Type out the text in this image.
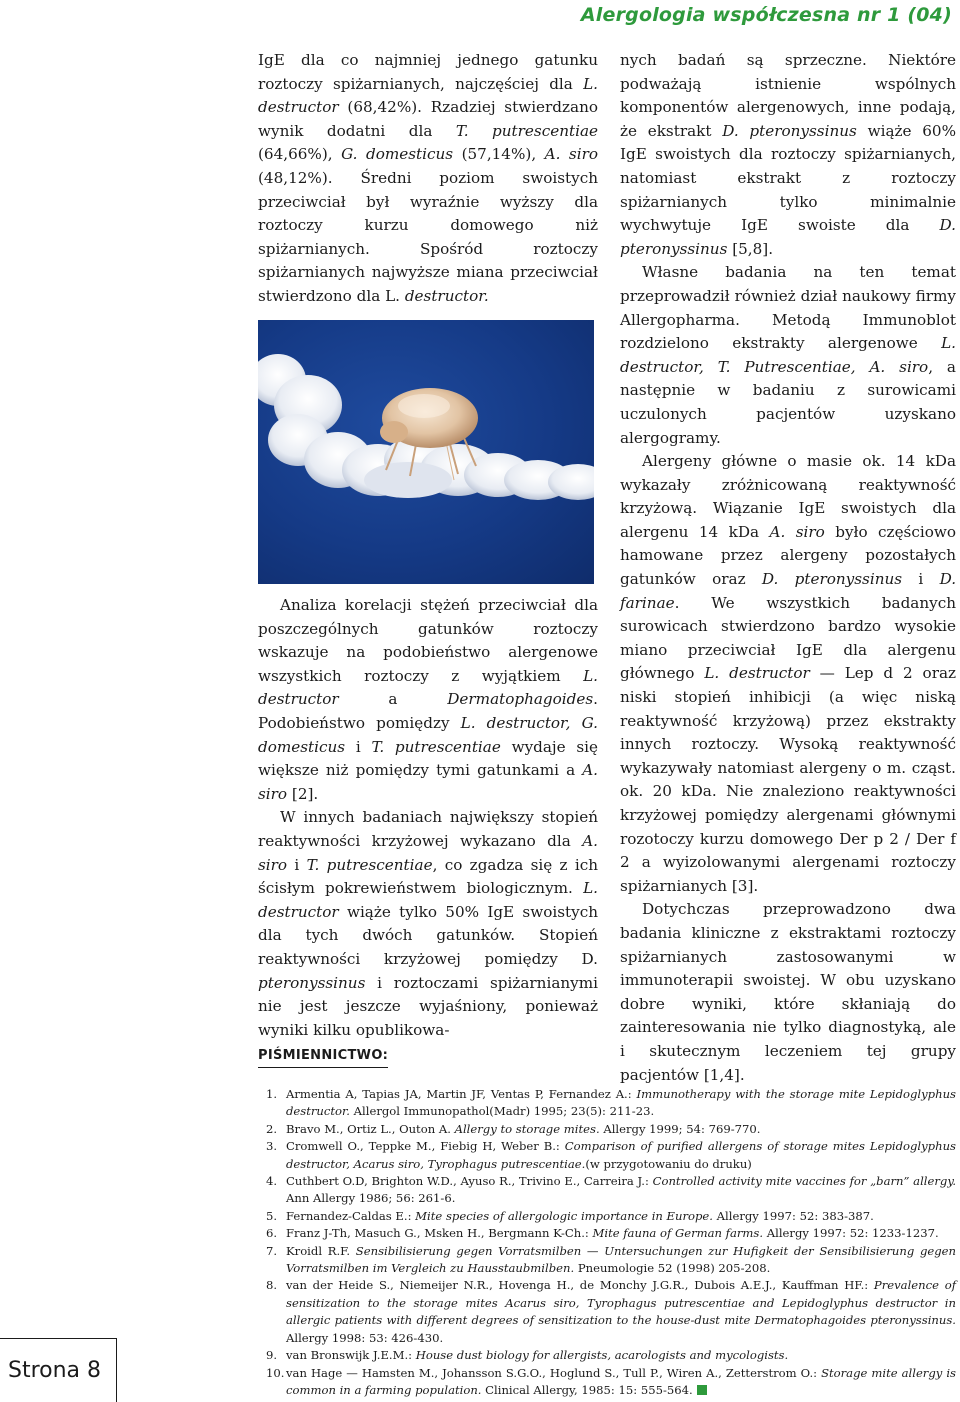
Alergologia współczesna nr 1 (04)

IgE dla co najmniej jednego gatunku roztoczy spiżarnianych, najczęściej dla L. destructor (68,42%). Rzadziej stwierdzano wynik dodatni dla T. putrescentiae (64,66%), G. domesticus (57,14%), A. siro (48,12%). Średni poziom swoistych przeciwciał był wyraźnie wyższy dla roztoczy kurzu domowego niż spiżarnianych. Spośród roztoczy spiżarnianych najwyższe miana przeciwciał stwierdzono dla L. destructor.

Analiza korelacji stężeń przeciwciał dla poszczególnych gatunków roztoczy wskazuje na podobieństwo alergenowe wszystkich roztoczy z wyjątkiem L. destructor a Dermatophagoides. Podobieństwo pomiędzy L. destructor, G. domesticus i T. putrescentiae wydaje się większe niż pomiędzy tymi gatunkami a A. siro [2].

W innych badaniach największy stopień reaktywności krzyżowej wykazano dla A. siro i T. putrescentiae, co zgadza się z ich ścisłym pokrewieństwem biologicznym. L. destructor wiąże tylko 50% IgE swoistych dla tych dwóch gatunków. Stopień reaktywności krzyżowej pomiędzy D. pteronyssinus i roztoczami spiżarnianymi nie jest jeszcze wyjaśniony, ponieważ wyniki kilku opublikowa-

nych badań są sprzeczne. Niektóre podważają istnienie wspólnych komponentów alergenowych, inne podają, że ekstrakt D. pteronyssinus wiąże 60% IgE swoistych dla roztoczy spiżarnianych, natomiast ekstrakt z roztoczy spiżarnianych tylko minimalnie wychwytuje IgE swoiste dla D. pteronyssinus [5,8].

Własne badania na ten temat przeprowadził również dział naukowy firmy Allergopharma. Metodą Immunoblot rozdzielono ekstrakty alergenowe L. destructor, T. Putrescentiae, A. siro, a następnie w badaniu z surowicami uczulonych pacjentów uzyskano alergogramy.

Alergeny główne o masie ok. 14 kDa wykazały zróżnicowaną reaktywność krzyżową. Wiązanie IgE swoistych dla alergenu 14 kDa A. siro było częściowo hamowane przez alergeny pozostałych gatunków oraz D. pteronyssinus i D. farinae. We wszystkich badanych surowicach stwierdzono bardzo wysokie miano przeciwciał IgE dla alergenu głównego L. destructor — Lep d 2 oraz niski stopień inhibicji (a więc niską reaktywność krzyżową) przez ekstrakty innych roztoczy. Wysoką reaktywność wykazywały natomiast alergeny o m. cząst. ok. 20 kDa. Nie znaleziono reaktywności krzyżowej pomiędzy alergenami głównymi rozotoczy kurzu domowego Der p 2 / Der f 2 a wyizolowanymi alergenami roztoczy spiżarnianych [3].

Dotychczas przeprowadzono dwa badania kliniczne z ekstraktami roztoczy spiżarnianych zastosowanymi w immunoterapii swoistej. W obu uzyskano dobre wyniki, które skłaniają do zainteresowania nie tylko diagnostyką, ale i skutecznym leczeniem tej grupy pacjentów [1,4].

PIŚMIENNICTWO:
1. Armentia A, Tapias JA, Martin JF, Ventas P, Fernandez A.: Immunotherapy with the storage mite Lepidoglyphus destructor. Allergol Immunopathol(Madr) 1995; 23(5): 211-23.
2. Bravo M., Ortiz L., Outon A. Allergy to storage mites. Allergy 1999; 54: 769-770.
3. Cromwell O., Teppke M., Fiebig H, Weber B.: Comparison of purified allergens of storage mites Lepidoglyphus destructor, Acarus siro, Tyrophagus putrescentiae.(w przygotowaniu do druku)
4. Cuthbert O.D, Brighton W.D., Ayuso R., Trivino E., Carreira J.: Controlled activity mite vaccines for „barn” allergy. Ann Allergy 1986; 56: 261-6.
5. Fernandez-Caldas E.: Mite species of allergologic importance in Europe. Allergy 1997: 52: 383-387.
6. Franz J-Th, Masuch G., Msken H., Bergmann K-Ch.: Mite fauna of German farms. Allergy 1997: 52: 1233-1237.
7. Kroidl R.F. Sensibilisierung gegen Vorratsmilben — Untersuchungen zur Hufigkeit der Sensibilisierung gegen Vorratsmilben im Vergleich zu Hausstaubmilben. Pneumologie 52 (1998) 205-208.
8. van der Heide S., Niemeijer N.R., Hovenga H., de Monchy J.G.R., Dubois A.E.J., Kauffman HF.: Prevalence of sensitization to the storage mites Acarus siro, Tyrophagus putrescentiae and Lepidoglyphus destructor in allergic patients with different degrees of sensitization to the house-dust mite Dermatophagoides pteronyssinus. Allergy 1998: 53: 426-430.
9. van Bronswijk J.E.M.: House dust biology for allergists, acarologists and mycologists.
10. van Hage — Hamsten M., Johansson S.G.O., Hoglund S., Tull P., Wiren A., Zetterstrom O.: Storage mite allergy is common in a farming population. Clinical Allergy, 1985: 15: 555-564.
Strona 8
